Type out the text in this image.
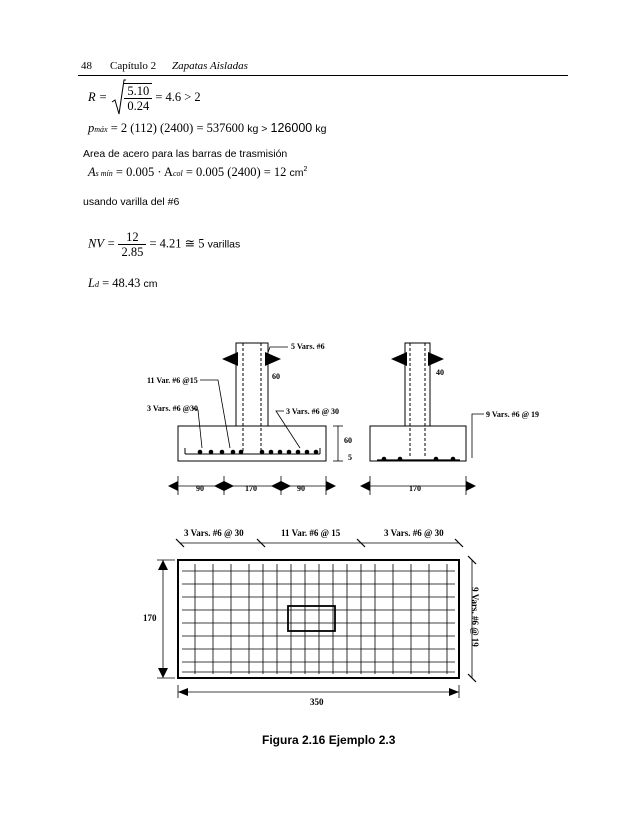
48 Capítulo 2 Zapatas Aisladas
$R = \frac{5.10}{0.24} = 4.6 > 2$
pmáx = 2 (112) (2400) = 537600 kg > 126000 kg
Area de acero para las barras de trasmisión
As mín = 0.005 · Acol = 0.005 (2400) = 12 $cm^2$
usando varilla del #6
NV = $\frac{12}{2.85} = 4.21$ ≅ 5 varillas
Ld = 48.43 cm
5 Vars. #6
60
11 Var. #6 @15
3 Vars. #6 @30	3 Vars. #6 @ 30
60
5
90	170	90
40
9 Vars. #6 @ 19
170
3 Vars. #6 @ 30	11 Var. #6 @ 15	3 Vars. #6 @ 30
9 Vars. #6 @ 19
170
350
Figura 2.16 Ejemplo 2.3
